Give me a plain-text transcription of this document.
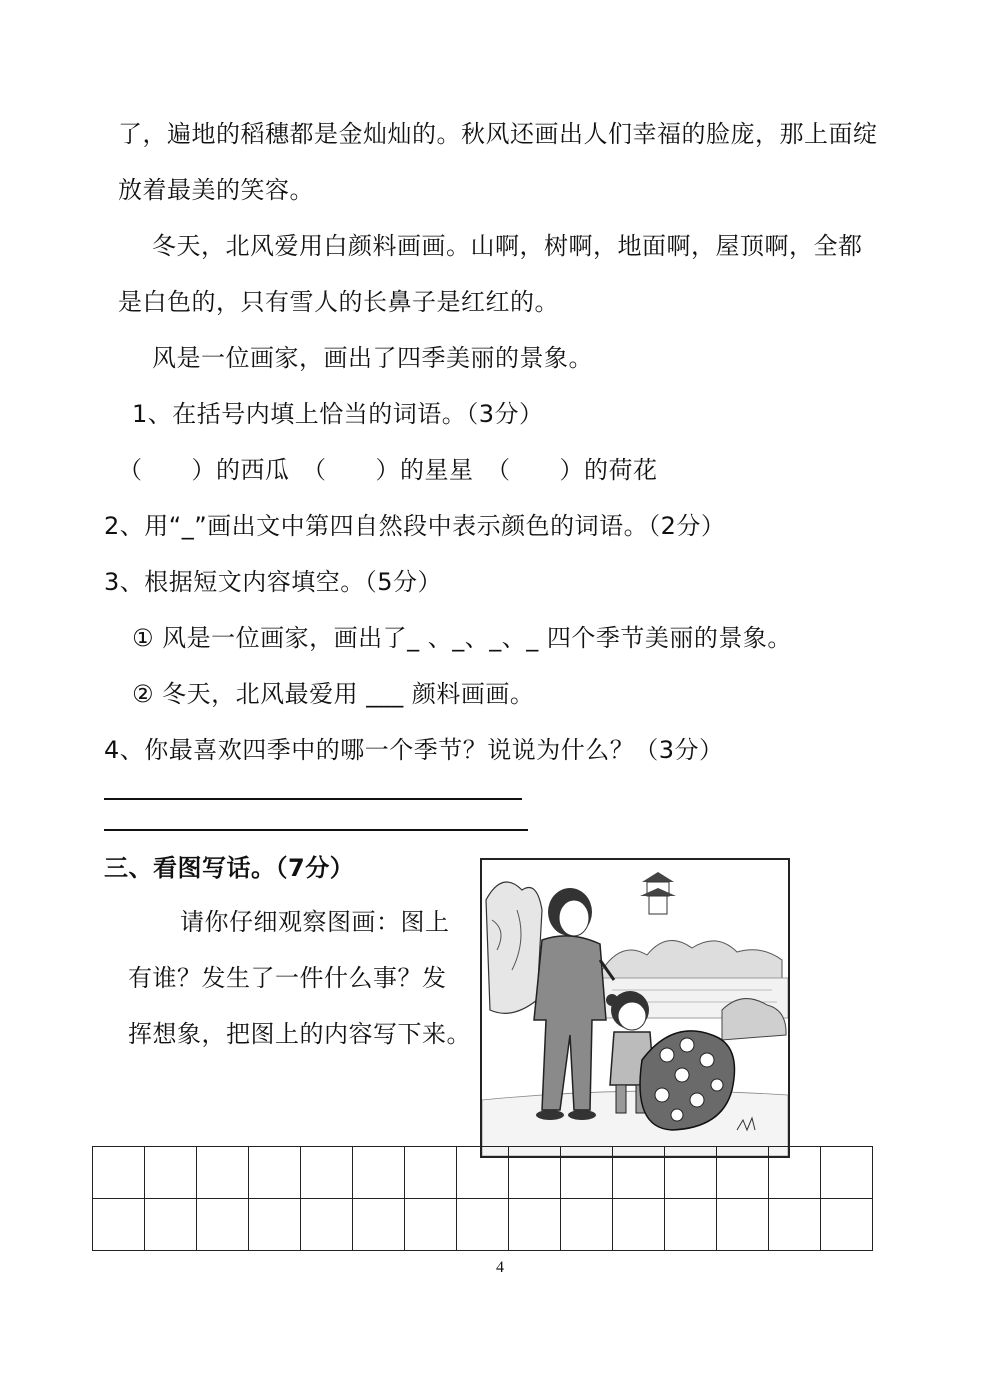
了，遍地的稻穗都是金灿灿的。秋风还画出人们幸福的脸庞，那上面绽
放着最美的笑容。
冬天，北风爱用白颜料画画。山啊，树啊，地面啊，屋顶啊，全都
是白色的，只有雪人的长鼻子是红红的。
风是一位画家，画出了四季美丽的景象。
1、在括号内填上恰当的词语。（3分）
（　　）的西瓜　（　　）的星星　（　　）的荷花
2、用“_”画出文中第四自然段中表示颜色的词语。（2分）
3、根据短文内容填空。（5分）
① 风是一位画家，画出了_ 、_、_、_ 四个季节美丽的景象。
② 冬天，北风最爱用 ___ 颜料画画。
4、你最喜欢四季中的哪一个季节？说说为什么？（3分）
三、看图写话。（7分）
请你仔细观察图画：图上
有谁？发生了一件什么事？发
挥想象，把图上的内容写下来。

4
